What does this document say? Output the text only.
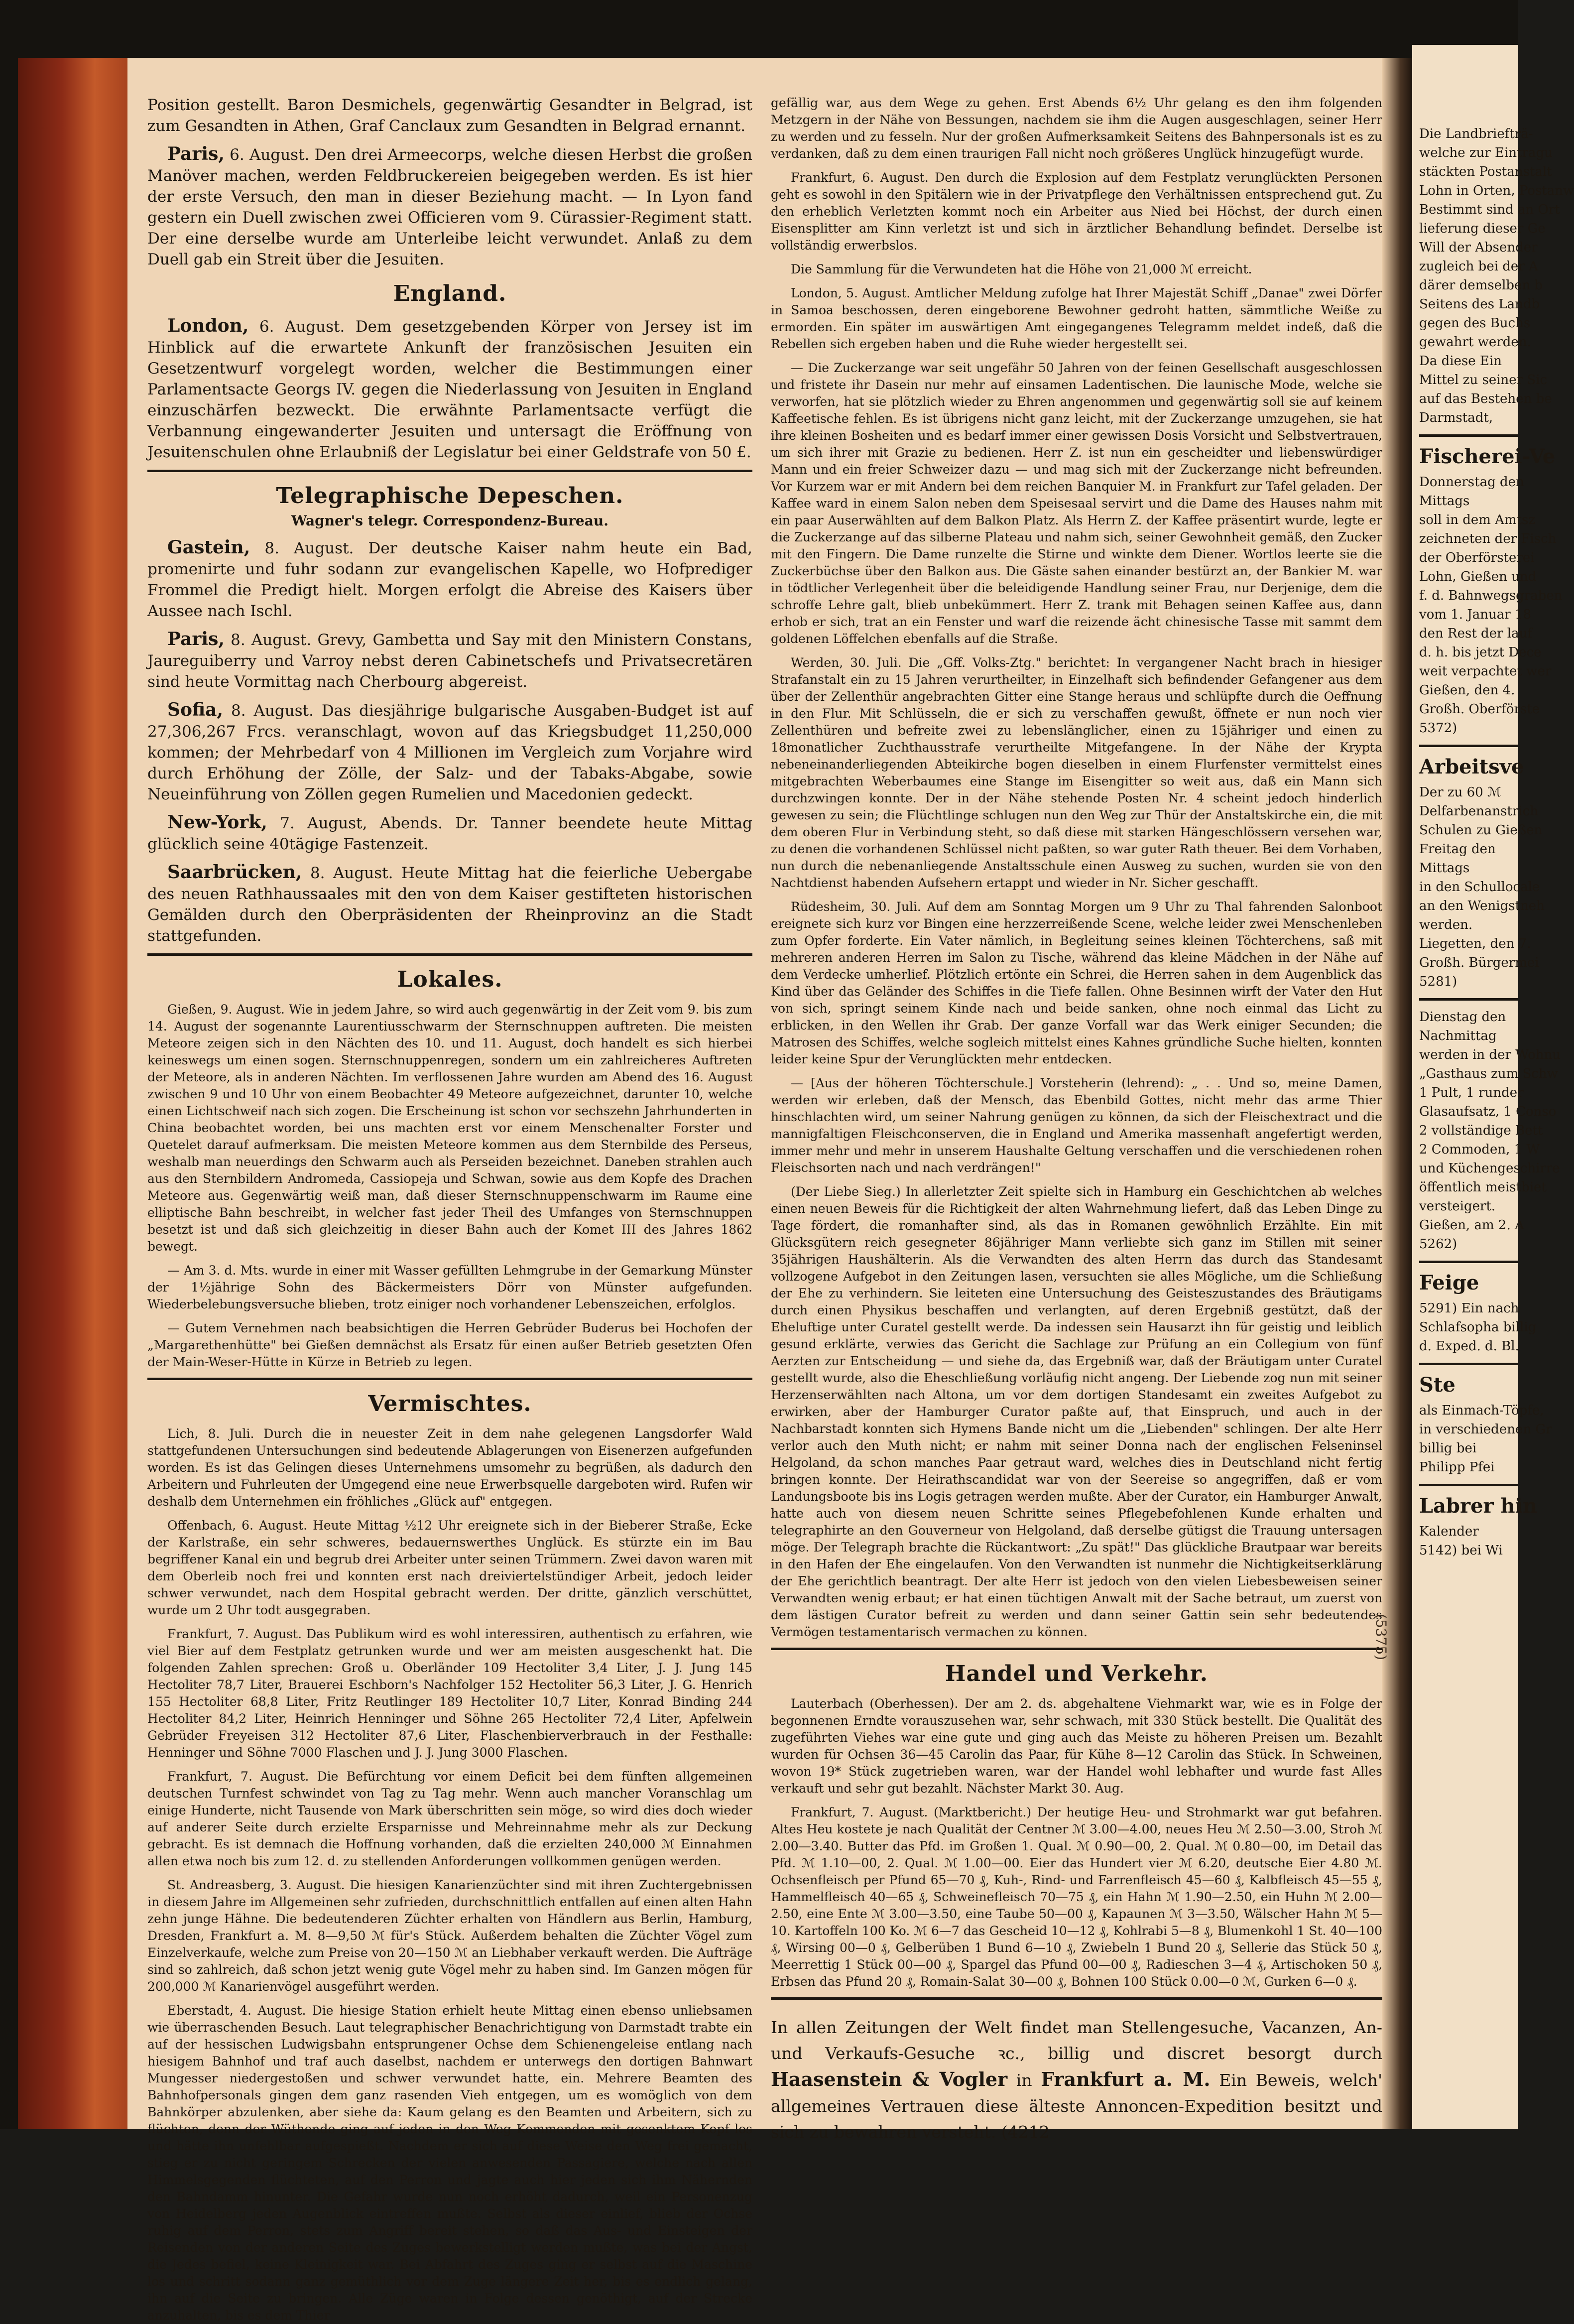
Position gestellt. Baron Desmichels, gegenwärtig Gesandter in Belgrad, ist zum Gesandten in Athen, Graf Canclaux zum Gesandten in Belgrad ernannt.

Paris, 6. August. Den drei Armeecorps, welche diesen Herbst die großen Manöver machen, werden Feldbruckereien beigegeben werden. Es ist hier der erste Versuch, den man in dieser Beziehung macht. — In Lyon fand gestern ein Duell zwischen zwei Officieren vom 9. Cürassier-Regiment statt. Der eine derselbe wurde am Unterleibe leicht verwundet. Anlaß zu dem Duell gab ein Streit über die Jesuiten.

England.

London, 6. August. Dem gesetzgebenden Körper von Jersey ist im Hinblick auf die erwartete Ankunft der französischen Jesuiten ein Gesetzentwurf vorgelegt worden, welcher die Bestimmungen einer Parlamentsacte Georgs IV. gegen die Niederlassung von Jesuiten in England einzuschärfen bezweckt. Die erwähnte Parlamentsacte verfügt die Verbannung eingewanderter Jesuiten und untersagt die Eröffnung von Jesuitenschulen ohne Erlaubniß der Legislatur bei einer Geldstrafe von 50 £.

Telegraphische Depeschen.
Wagner's telegr. Correspondenz-Bureau.

Gastein, 8. August. Der deutsche Kaiser nahm heute ein Bad, promenirte und fuhr sodann zur evangelischen Kapelle, wo Hofprediger Frommel die Predigt hielt. Morgen erfolgt die Abreise des Kaisers über Aussee nach Ischl.

Paris, 8. August. Grevy, Gambetta und Say mit den Ministern Constans, Jaureguiberry und Varroy nebst deren Cabinetschefs und Privatsecretären sind heute Vormittag nach Cherbourg abgereist.

Sofia, 8. August. Das diesjährige bulgarische Ausgaben-Budget ist auf 27,306,267 Frcs. veranschlagt, wovon auf das Kriegsbudget 11,250,000 kommen; der Mehrbedarf von 4 Millionen im Vergleich zum Vorjahre wird durch Erhöhung der Zölle, der Salz- und der Tabaks-Abgabe, sowie Neueinführung von Zöllen gegen Rumelien und Macedonien gedeckt.

New-York, 7. August, Abends. Dr. Tanner beendete heute Mittag glücklich seine 40tägige Fastenzeit.

Saarbrücken, 8. August. Heute Mittag hat die feierliche Uebergabe des neuen Rathhaussaales mit den von dem Kaiser gestifteten historischen Gemälden durch den Oberpräsidenten der Rheinprovinz an die Stadt stattgefunden.

Lokales.

Gießen, 9. August. Wie in jedem Jahre, so wird auch gegenwärtig in der Zeit vom 9. bis zum 14. August der sogenannte Laurentiusschwarm der Sternschnuppen auftreten. Die meisten Meteore zeigen sich in den Nächten des 10. und 11. August, doch handelt es sich hierbei keineswegs um einen sogen. Sternschnuppenregen, sondern um ein zahlreicheres Auftreten der Meteore, als in anderen Nächten. Im verflossenen Jahre wurden am Abend des 16. August zwischen 9 und 10 Uhr von einem Beobachter 49 Meteore aufgezeichnet, darunter 10, welche einen Lichtschweif nach sich zogen. Die Erscheinung ist schon vor sechszehn Jahrhunderten in China beobachtet worden, bei uns machten erst vor einem Menschenalter Forster und Quetelet darauf aufmerksam. Die meisten Meteore kommen aus dem Sternbilde des Perseus, weshalb man neuerdings den Schwarm auch als Perseiden bezeichnet. Daneben strahlen auch aus den Sternbildern Andromeda, Cassiopeja und Schwan, sowie aus dem Kopfe des Drachen Meteore aus. Gegenwärtig weiß man, daß dieser Sternschnuppenschwarm im Raume eine elliptische Bahn beschreibt, in welcher fast jeder Theil des Umfanges von Sternschnuppen besetzt ist und daß sich gleichzeitig in dieser Bahn auch der Komet III des Jahres 1862 bewegt.

— Am 3. d. Mts. wurde in einer mit Wasser gefüllten Lehmgrube in der Gemarkung Münster der 1½jährige Sohn des Bäckermeisters Dörr von Münster aufgefunden. Wiederbelebungsversuche blieben, trotz einiger noch vorhandener Lebenszeichen, erfolglos.

— Gutem Vernehmen nach beabsichtigen die Herren Gebrüder Buderus bei Hochofen der „Margarethenhütte" bei Gießen demnächst als Ersatz für einen außer Betrieb gesetzten Ofen der Main-Weser-Hütte in Kürze in Betrieb zu legen.

Vermischtes.

Lich, 8. Juli. Durch die in neuester Zeit in dem nahe gelegenen Langsdorfer Wald stattgefundenen Untersuchungen sind bedeutende Ablagerungen von Eisenerzen aufgefunden worden. Es ist das Gelingen dieses Unternehmens umsomehr zu begrüßen, als dadurch den Arbeitern und Fuhrleuten der Umgegend eine neue Erwerbsquelle dargeboten wird. Rufen wir deshalb dem Unternehmen ein fröhliches „Glück auf" entgegen.

Offenbach, 6. August. Heute Mittag ½12 Uhr ereignete sich in der Bieberer Straße, Ecke der Karlstraße, ein sehr schweres, bedauernswerthes Unglück. Es stürzte ein im Bau begriffener Kanal ein und begrub drei Arbeiter unter seinen Trümmern. Zwei davon waren mit dem Oberleib noch frei und konnten erst nach dreiviertelstündiger Arbeit, jedoch leider schwer verwundet, nach dem Hospital gebracht werden. Der dritte, gänzlich verschüttet, wurde um 2 Uhr todt ausgegraben.

Frankfurt, 7. August. Das Publikum wird es wohl interessiren, authentisch zu erfahren, wie viel Bier auf dem Festplatz getrunken wurde und wer am meisten ausgeschenkt hat. Die folgenden Zahlen sprechen: Groß u. Oberländer 109 Hectoliter 3,4 Liter, J. J. Jung 145 Hectoliter 78,7 Liter, Brauerei Eschborn's Nachfolger 152 Hectoliter 56,3 Liter, J. G. Henrich 155 Hectoliter 68,8 Liter, Fritz Reutlinger 189 Hectoliter 10,7 Liter, Konrad Binding 244 Hectoliter 84,2 Liter, Heinrich Henninger und Söhne 265 Hectoliter 72,4 Liter, Apfelwein Gebrüder Freyeisen 312 Hectoliter 87,6 Liter, Flaschenbierverbrauch in der Festhalle: Henninger und Söhne 7000 Flaschen und J. J. Jung 3000 Flaschen.

Frankfurt, 7. August. Die Befürchtung vor einem Deficit bei dem fünften allgemeinen deutschen Turnfest schwindet von Tag zu Tag mehr. Wenn auch mancher Voranschlag um einige Hunderte, nicht Tausende von Mark überschritten sein möge, so wird dies doch wieder auf anderer Seite durch erzielte Ersparnisse und Mehreinnahme mehr als zur Deckung gebracht. Es ist demnach die Hoffnung vorhanden, daß die erzielten 240,000 ℳ Einnahmen allen etwa noch bis zum 12. d. zu stellenden Anforderungen vollkommen genügen werden.

St. Andreasberg, 3. August. Die hiesigen Kanarienzüchter sind mit ihren Zuchtergebnissen in diesem Jahre im Allgemeinen sehr zufrieden, durchschnittlich entfallen auf einen alten Hahn zehn junge Hähne. Die bedeutenderen Züchter erhalten von Händlern aus Berlin, Hamburg, Dresden, Frankfurt a. M. 8—9,50 ℳ für's Stück. Außerdem behalten die Züchter Vögel zum Einzelverkaufe, welche zum Preise von 20—150 ℳ an Liebhaber verkauft werden. Die Aufträge sind so zahlreich, daß schon jetzt wenig gute Vögel mehr zu haben sind. Im Ganzen mögen für 200,000 ℳ Kanarienvögel ausgeführt werden.

Eberstadt, 4. August. Die hiesige Station erhielt heute Mittag einen ebenso unliebsamen wie überraschenden Besuch. Laut telegraphischer Benachrichtigung von Darmstadt trabte ein auf der hessischen Ludwigsbahn entsprungener Ochse dem Schienengeleise entlang nach hiesigem Bahnhof und traf auch daselbst, nachdem er unterwegs den dortigen Bahnwart Mungesser niedergestoßen und schwer verwundet hatte, ein. Mehrere Beamten des Bahnhofpersonals gingen dem ganz rasenden Vieh entgegen, um es womöglich von dem Bahnkörper abzulenken, aber siehe da: Kaum gelang es den Beamten und Arbeitern, sich zu flüchten, denn der Wüthende ging auf jeden in den Weg Kommenden mit gesenktem Kopf los und hätte ihn unfehlbar aufgespießt. Nachdem er sich auf diese Weise den Weg frei gemacht, stieg er zu nicht geringem Schrecken der vielen anwesenden Passagiere, welche nach allen Himmelsgegenden flüchteten, auf den Perron und jagte auch hier jeden sich ihm Nähernden den Bahndamm hinunter. Die Gefahr wurde nun noch erhöht dadurch, weil ein Personenzug von Heidelberg jeden Augenblick eintreffen mußte. Selbst als dieser einlief, blieb der Ochse ruhig auf dem Perron, stets zum Angriff bereit stehen, so daß das Aus- und Einsteigen der Reisenden von der anderen Seite des Zuges bewerkstelligt werden mußte, was bei der Angst, die Jedes befiel, keine Kleinigkeit war. Bei Abfahrt des Zuges ging er selbst auf die Maschine los und schritt sodann ganz gemüthlich vor dem Zuge längere Zeit her, bis es endlich gelang, ihn auf die Seite zu bringen. Alle Züge waren in Folge dessen genöthigt, auf der Strecke anzuhalten, bis es dem Thier

gefällig war, aus dem Wege zu gehen. Erst Abends 6½ Uhr gelang es den ihm folgenden Metzgern in der Nähe von Bessungen, nachdem sie ihm die Augen ausgeschlagen, seiner Herr zu werden und zu fesseln. Nur der großen Aufmerksamkeit Seitens des Bahnpersonals ist es zu verdanken, daß zu dem einen traurigen Fall nicht noch größeres Unglück hinzugefügt wurde.

Frankfurt, 6. August. Den durch die Explosion auf dem Festplatz verunglückten Personen geht es sowohl in den Spitälern wie in der Privatpflege den Verhältnissen entsprechend gut. Zu den erheblich Verletzten kommt noch ein Arbeiter aus Nied bei Höchst, der durch einen Eisensplitter am Kinn verletzt ist und sich in ärztlicher Behandlung befindet. Derselbe ist vollständig erwerbslos.

Die Sammlung für die Verwundeten hat die Höhe von 21,000 ℳ erreicht.

London, 5. August. Amtlicher Meldung zufolge hat Ihrer Majestät Schiff „Danae" zwei Dörfer in Samoa beschossen, deren eingeborene Bewohner gedroht hatten, sämmtliche Weiße zu ermorden. Ein später im auswärtigen Amt eingegangenes Telegramm meldet indeß, daß die Rebellen sich ergeben haben und die Ruhe wieder hergestellt sei.

— Die Zuckerzange war seit ungefähr 50 Jahren von der feinen Gesellschaft ausgeschlossen und fristete ihr Dasein nur mehr auf einsamen Ladentischen. Die launische Mode, welche sie verworfen, hat sie plötzlich wieder zu Ehren angenommen und gegenwärtig soll sie auf keinem Kaffeetische fehlen. Es ist übrigens nicht ganz leicht, mit der Zuckerzange umzugehen, sie hat ihre kleinen Bosheiten und es bedarf immer einer gewissen Dosis Vorsicht und Selbstvertrauen, um sich ihrer mit Grazie zu bedienen. Herr Z. ist nun ein gescheidter und liebenswürdiger Mann und ein freier Schweizer dazu — und mag sich mit der Zuckerzange nicht befreunden. Vor Kurzem war er mit Andern bei dem reichen Banquier M. in Frankfurt zur Tafel geladen. Der Kaffee ward in einem Salon neben dem Speisesaal servirt und die Dame des Hauses nahm mit ein paar Auserwählten auf dem Balkon Platz. Als Herrn Z. der Kaffee präsentirt wurde, legte er die Zuckerzange auf das silberne Plateau und nahm sich, seiner Gewohnheit gemäß, den Zucker mit den Fingern. Die Dame runzelte die Stirne und winkte dem Diener. Wortlos leerte sie die Zuckerbüchse über den Balkon aus. Die Gäste sahen einander bestürzt an, der Bankier M. war in tödtlicher Verlegenheit über die beleidigende Handlung seiner Frau, nur Derjenige, dem die schroffe Lehre galt, blieb unbekümmert. Herr Z. trank mit Behagen seinen Kaffee aus, dann erhob er sich, trat an ein Fenster und warf die reizende ächt chinesische Tasse mit sammt dem goldenen Löffelchen ebenfalls auf die Straße.

Werden, 30. Juli. Die „Gff. Volks-Ztg." berichtet: In vergangener Nacht brach in hiesiger Strafanstalt ein zu 15 Jahren verurtheilter, in Einzelhaft sich befindender Gefangener aus dem über der Zellenthür angebrachten Gitter eine Stange heraus und schlüpfte durch die Oeffnung in den Flur. Mit Schlüsseln, die er sich zu verschaffen gewußt, öffnete er nun noch vier Zellenthüren und befreite zwei zu lebenslänglicher, einen zu 15jähriger und einen zu 18monatlicher Zuchthausstrafe verurtheilte Mitgefangene. In der Nähe der Krypta nebeneinanderliegenden Abteikirche bogen dieselben in einem Flurfenster vermittelst eines mitgebrachten Weberbaumes eine Stange im Eisengitter so weit aus, daß ein Mann sich durchzwingen konnte. Der in der Nähe stehende Posten Nr. 4 scheint jedoch hinderlich gewesen zu sein; die Flüchtlinge schlugen nun den Weg zur Thür der Anstaltskirche ein, die mit dem oberen Flur in Verbindung steht, so daß diese mit starken Hängeschlössern versehen war, zu denen die vorhandenen Schlüssel nicht paßten, so war guter Rath theuer. Bei dem Vorhaben, nun durch die nebenanliegende Anstaltsschule einen Ausweg zu suchen, wurden sie von den Nachtdienst habenden Aufsehern ertappt und wieder in Nr. Sicher geschafft.

Rüdesheim, 30. Juli. Auf dem am Sonntag Morgen um 9 Uhr zu Thal fahrenden Salonboot ereignete sich kurz vor Bingen eine herzzerreißende Scene, welche leider zwei Menschenleben zum Opfer forderte. Ein Vater nämlich, in Begleitung seines kleinen Töchterchens, saß mit mehreren anderen Herren im Salon zu Tische, während das kleine Mädchen in der Nähe auf dem Verdecke umherlief. Plötzlich ertönte ein Schrei, die Herren sahen in dem Augenblick das Kind über das Geländer des Schiffes in die Tiefe fallen. Ohne Besinnen wirft der Vater den Hut von sich, springt seinem Kinde nach und beide sanken, ohne noch einmal das Licht zu erblicken, in den Wellen ihr Grab. Der ganze Vorfall war das Werk einiger Secunden; die Matrosen des Schiffes, welche sogleich mittelst eines Kahnes gründliche Suche hielten, konnten leider keine Spur der Verunglückten mehr entdecken.

— [Aus der höheren Töchterschule.] Vorsteherin (lehrend): „ . . Und so, meine Damen, werden wir erleben, daß der Mensch, das Ebenbild Gottes, nicht mehr das arme Thier hinschlachten wird, um seiner Nahrung genügen zu können, da sich der Fleischextract und die mannigfaltigen Fleischconserven, die in England und Amerika massenhaft angefertigt werden, immer mehr und mehr in unserem Haushalte Geltung verschaffen und die verschiedenen rohen Fleischsorten nach und nach verdrängen!"

(Der Liebe Sieg.) In allerletzter Zeit spielte sich in Hamburg ein Geschichtchen ab welches einen neuen Beweis für die Richtigkeit der alten Wahrnehmung liefert, daß das Leben Dinge zu Tage fördert, die romanhafter sind, als das in Romanen gewöhnlich Erzählte. Ein mit Glücksgütern reich gesegneter 86jähriger Mann verliebte sich ganz im Stillen mit seiner 35jährigen Haushälterin. Als die Verwandten des alten Herrn das durch das Standesamt vollzogene Aufgebot in den Zeitungen lasen, versuchten sie alles Mögliche, um die Schließung der Ehe zu verhindern. Sie leiteten eine Untersuchung des Geisteszustandes des Bräutigams durch einen Physikus beschaffen und verlangten, auf deren Ergebniß gestützt, daß der Eheluftige unter Curatel gestellt werde. Da indessen sein Hausarzt ihn für geistig und leiblich gesund erklärte, verwies das Gericht die Sachlage zur Prüfung an ein Collegium von fünf Aerzten zur Entscheidung — und siehe da, das Ergebniß war, daß der Bräutigam unter Curatel gestellt wurde, also die Eheschließung vorläufig nicht angeng. Der Liebende zog nun mit seiner Herzenserwählten nach Altona, um vor dem dortigen Standesamt ein zweites Aufgebot zu erwirken, aber der Hamburger Curator paßte auf, that Einspruch, und auch in der Nachbarstadt konnten sich Hymens Bande nicht um die „Liebenden" schlingen. Der alte Herr verlor auch den Muth nicht; er nahm mit seiner Donna nach der englischen Felseninsel Helgoland, da schon manches Paar getraut ward, welches dies in Deutschland nicht fertig bringen konnte. Der Heirathscandidat war von der Seereise so angegriffen, daß er vom Landungsboote bis ins Logis getragen werden mußte. Aber der Curator, ein Hamburger Anwalt, hatte auch von diesem neuen Schritte seines Pflegebefohlenen Kunde erhalten und telegraphirte an den Gouverneur von Helgoland, daß derselbe gütigst die Trauung untersagen möge. Der Telegraph brachte die Rückantwort: „Zu spät!" Das glückliche Brautpaar war bereits in den Hafen der Ehe eingelaufen. Von den Verwandten ist nunmehr die Nichtigkeitserklärung der Ehe gerichtlich beantragt. Der alte Herr ist jedoch von den vielen Liebesbeweisen seiner Verwandten wenig erbaut; er hat einen tüchtigen Anwalt mit der Sache betraut, um zuerst von dem lästigen Curator befreit zu werden und dann seiner Gattin sein sehr bedeutendes Vermögen testamentarisch vermachen zu können.

Handel und Verkehr.

Lauterbach (Oberhessen). Der am 2. ds. abgehaltene Viehmarkt war, wie es in Folge der begonnenen Erndte vorauszusehen war, sehr schwach, mit 330 Stück bestellt. Die Qualität des zugeführten Viehes war eine gute und ging auch das Meiste zu höheren Preisen um. Bezahlt wurden für Ochsen 36—45 Carolin das Paar, für Kühe 8—12 Carolin das Stück. In Schweinen, wovon 19* Stück zugetrieben waren, war der Handel wohl lebhafter und wurde fast Alles verkauft und sehr gut bezahlt. Nächster Markt 30. Aug.

Frankfurt, 7. August. (Marktbericht.) Der heutige Heu- und Strohmarkt war gut befahren. Altes Heu kostete je nach Qualität der Centner ℳ 3.00—4.00, neues Heu ℳ 2.50—3.00, Stroh ℳ 2.00—3.40. Butter das Pfd. im Großen 1. Qual. ℳ 0.90—00, 2. Qual. ℳ 0.80—00, im Detail das Pfd. ℳ 1.10—00, 2. Qual. ℳ 1.00—00. Eier das Hundert vier ℳ 6.20, deutsche Eier 4.80 ℳ. Ochsenfleisch per Pfund 65—70 ₰, Kuh-, Rind- und Farrenfleisch 45—60 ₰, Kalbfleisch 45—55 ₰, Hammelfleisch 40—65 ₰, Schweinefleisch 70—75 ₰, ein Hahn ℳ 1.90—2.50, ein Huhn ℳ 2.00—2.50, eine Ente ℳ 3.00—3.50, eine Taube 50—00 ₰, Kapaunen ℳ 3—3.50, Wälscher Hahn ℳ 5—10. Kartoffeln 100 Ko. ℳ 6—7 das Gescheid 10—12 ₰, Kohlrabi 5—8 ₰, Blumenkohl 1 St. 40—100 ₰, Wirsing 00—0 ₰, Gelberüben 1 Bund 6—10 ₰, Zwiebeln 1 Bund 20 ₰, Sellerie das Stück 50 ₰, Meerrettig 1 Stück 00—00 ₰, Spargel das Pfund 00—00 ₰, Radieschen 3—4 ₰, Artischoken 50 ₰, Erbsen das Pfund 20 ₰, Romain-Salat 30—00 ₰, Bohnen 100 Stück 0.00—0 ℳ, Gurken 6—0 ₰.

In allen Zeitungen der Welt findet man Stellengesuche, Vacanzen, An- und Verkaufs-Gesuche ꝛc., billig und discret besorgt durch Haasenstein & Vogler in Frankfurt a. M. Ein Beweis, welch' allgemeines Vertrauen diese älteste Annoncen-Expedition besitzt und sich zu bewahren versteht. (4212

(5375)

Die Landbriefträ-

welche zur Eintragu

stäckten Postanstalt

Lohn in Orten, Postanw

Bestimmt sind an Ort

lieferung dieser Ge

Will der Absender

zugleich bei der A

därer demselben b

Seitens des Landb

gegen des Buchs

gewahrt werden.

Da diese Ein

Mittel zu seiner Sic

auf das Bestehen be

Darmstadt,

Fischerei-Ve

Donnerstag den

Mittags

soll in dem Amtsz

zeichneten der Fisch

der Oberförsterei

Lohn, Gießen und

f. d. Bahnwegsgraben

vom 1. Januar 18

den Rest der lauf

d. h. bis jetzt Dece

weit verpachtet wer

Gießen, den 4.

Großh. Oberförste

5372)

Arbeitsve

Der zu 60 ℳ

Delfarbenanstrich

Schulen zu Gießen

Freitag den

Mittags

in den Schullocale

an den Wenigstneh

werden.

Liegetten, den 7.

Großh. Bürgermei

5281)

Dienstag den

Nachmittag

werden in der Wohnu

„Gasthaus zum Schw

1 Pult, 1 runder

Glasaufsatz, 1 Conso

2 vollständige Bett

2 Commoden, 1 W

und Küchengeschirre

öffentlich meistbiet

versteigert.

Gießen, am 2. A

5262)

Feige

5291) Ein nach

Schlafsopha billig

d. Exped. d. Bl.

Ste

als Einmach-Töpfe,

in verschiedenen Gr

billig bei

Philipp Pfei

Labrer hin

Kalender

5142) bei Wi
